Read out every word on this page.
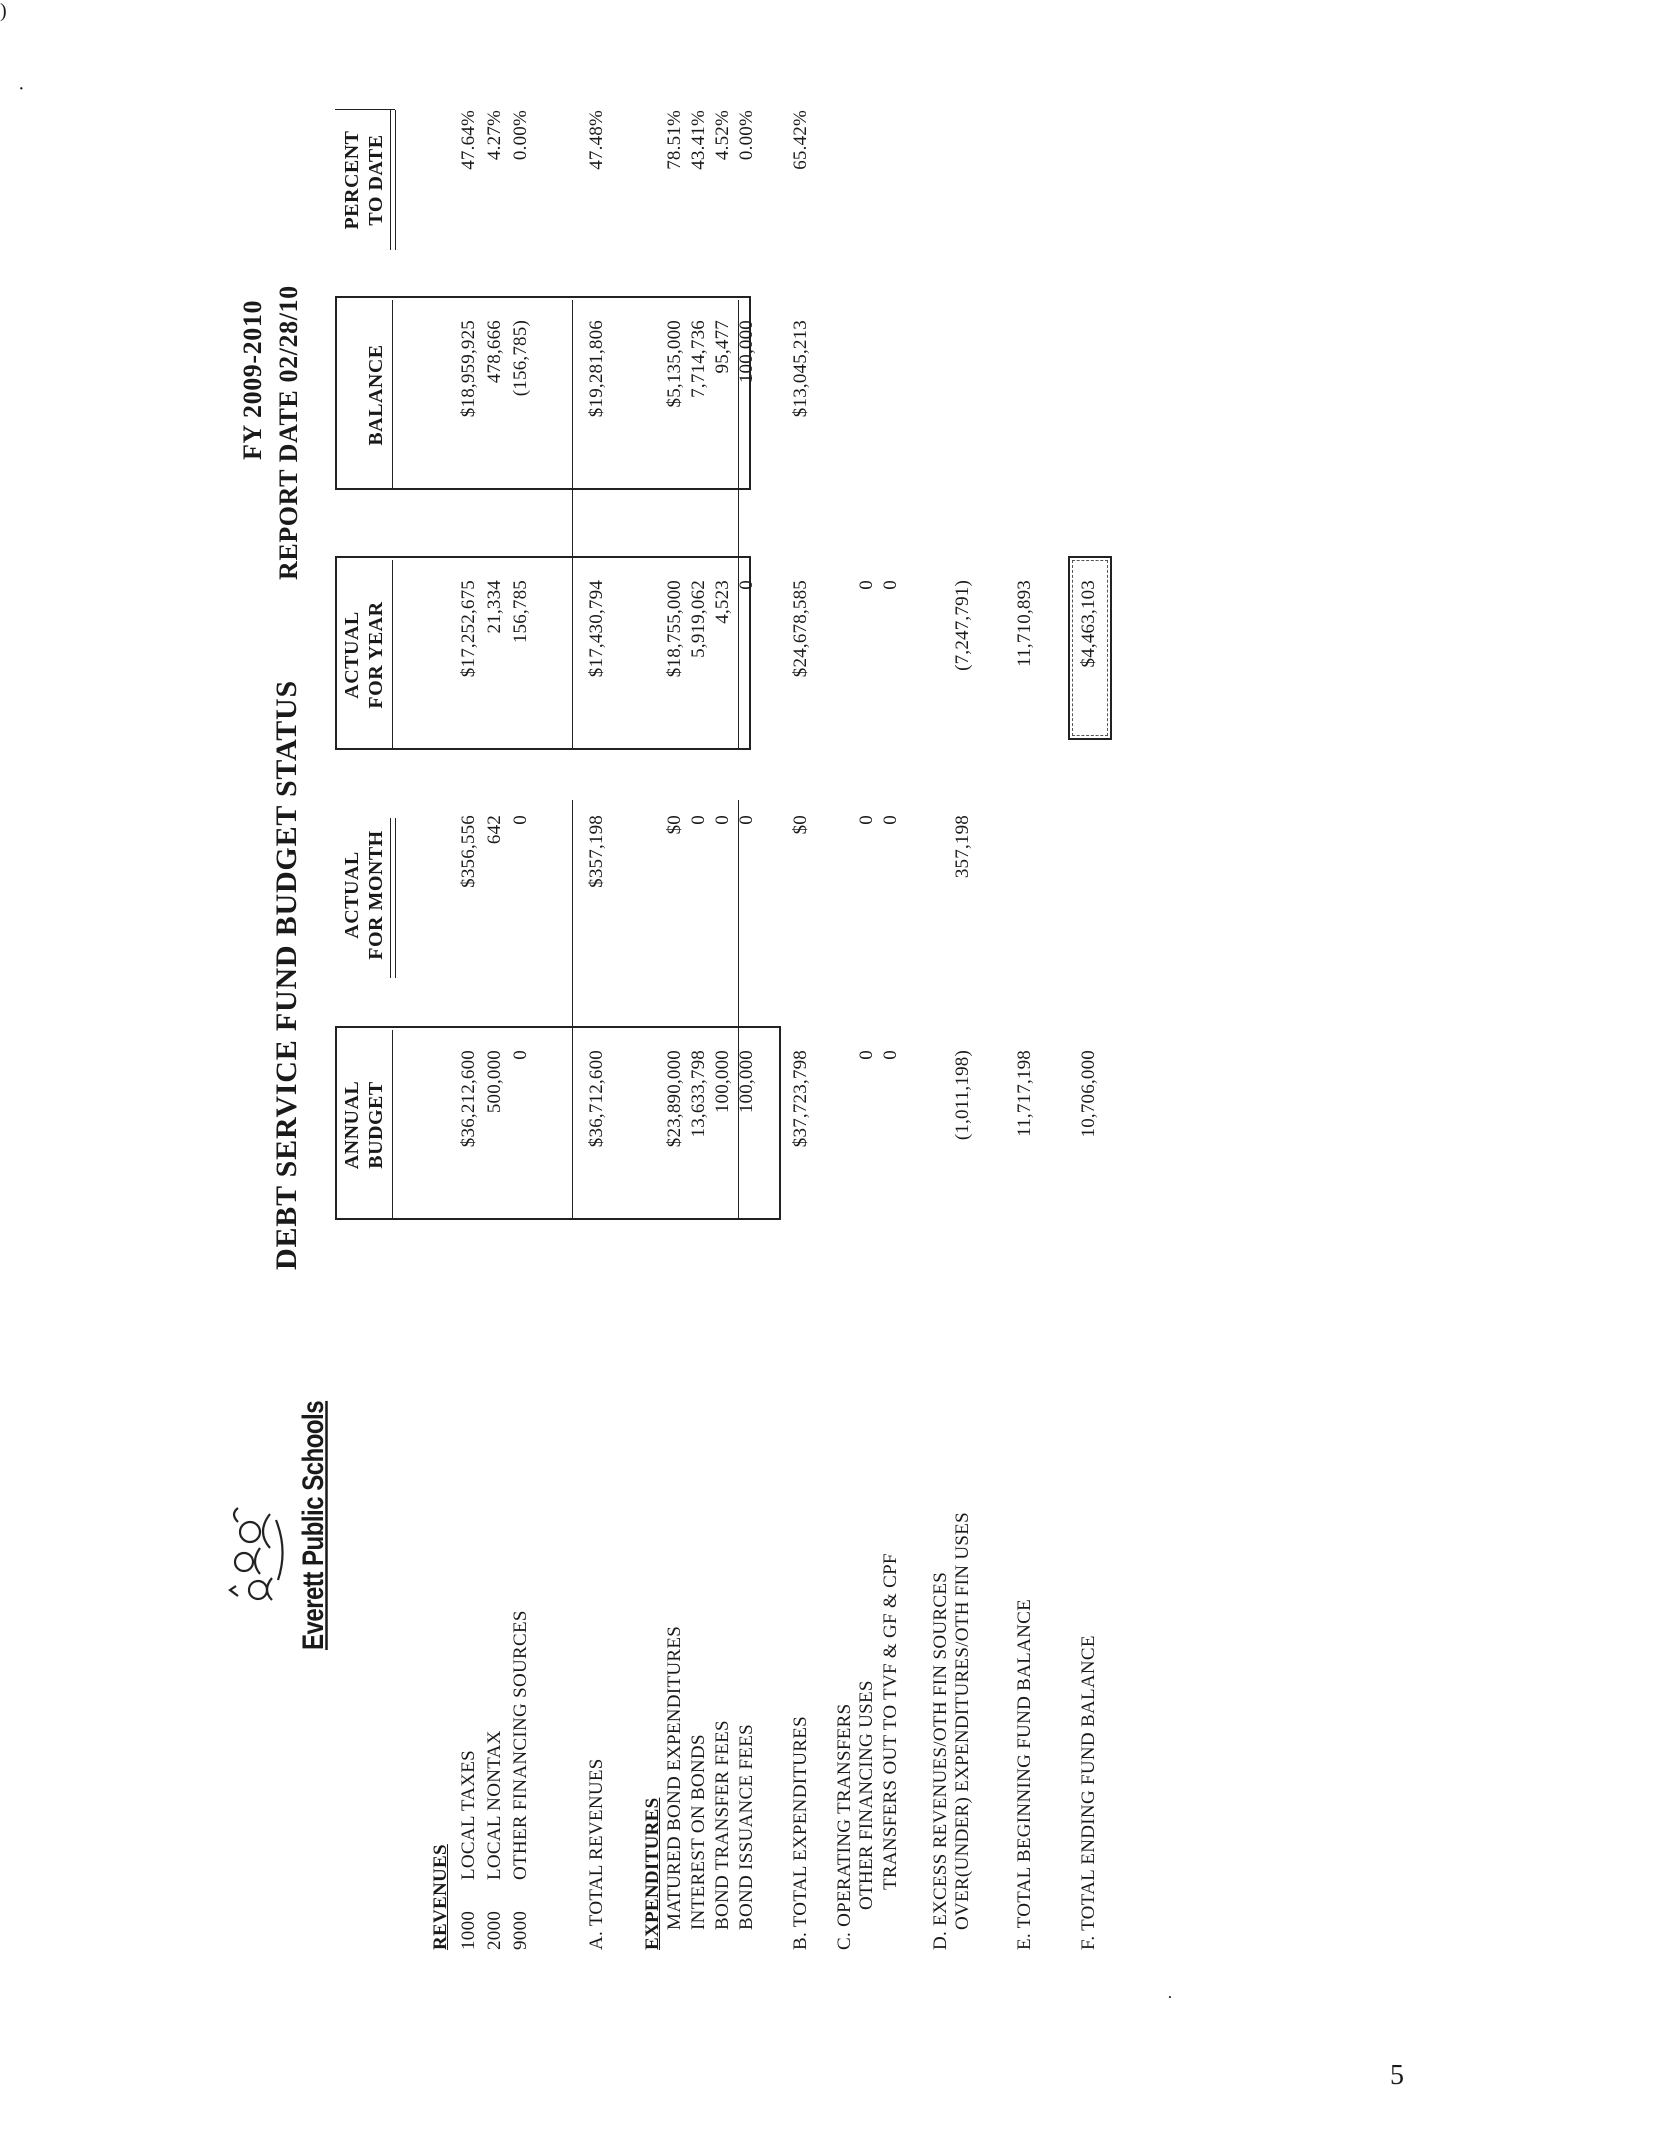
)
·
Everett Public Schools
DEBT SERVICE FUND BUDGET STATUS
FY 2009-2010 REPORT DATE 02/28/10
ANNUAL BUDGET
ACTUAL FOR MONTH
ACTUAL FOR YEAR
BALANCE
PERCENT TO DATE
REVENUES 1000
LOCAL TAXES
$36,212,600
$356,556
$17,252,675
$18,959,925
47.64%
2000
LOCAL NONTAX
500,000
642
21,334
478,666
4.27%
9000
OTHER FINANCING SOURCES
0
0
156,785
(156,785)
0.00%
A. TOTAL REVENUES
$36,712,600
$357,198
$17,430,794
$19,281,806
47.48%
EXPENDITURES MATURED BOND EXPENDITURES
$23,890,000
$0
$18,755,000
$5,135,000
78.51%
INTEREST ON BONDS
13,633,798
0
5,919,062
7,714,736
43.41%
BOND TRANSFER FEES
100,000
0
4,523
95,477
4.52%
BOND ISSUANCE FEES
100,000
0
0
100,000
0.00%
B. TOTAL EXPENDITURES
$37,723,798
$0
$24,678,585
$13,045,213
65.42%
C. OPERATING TRANSFERS OTHER FINANCING USES
0
0
0
TRANSFERS OUT TO TVF & GF & CPF
0
0
0
D. EXCESS REVENUES/OTH FIN SOURCES OVER(UNDER) EXPENDITURES/OTH FIN USES
(1,011,198)
357,198
(7,247,791)
E. TOTAL BEGINNING FUND BALANCE
11,717,198
11,710,893
F. TOTAL ENDING FUND BALANCE
10,706,000
$4,463,103
·
5
